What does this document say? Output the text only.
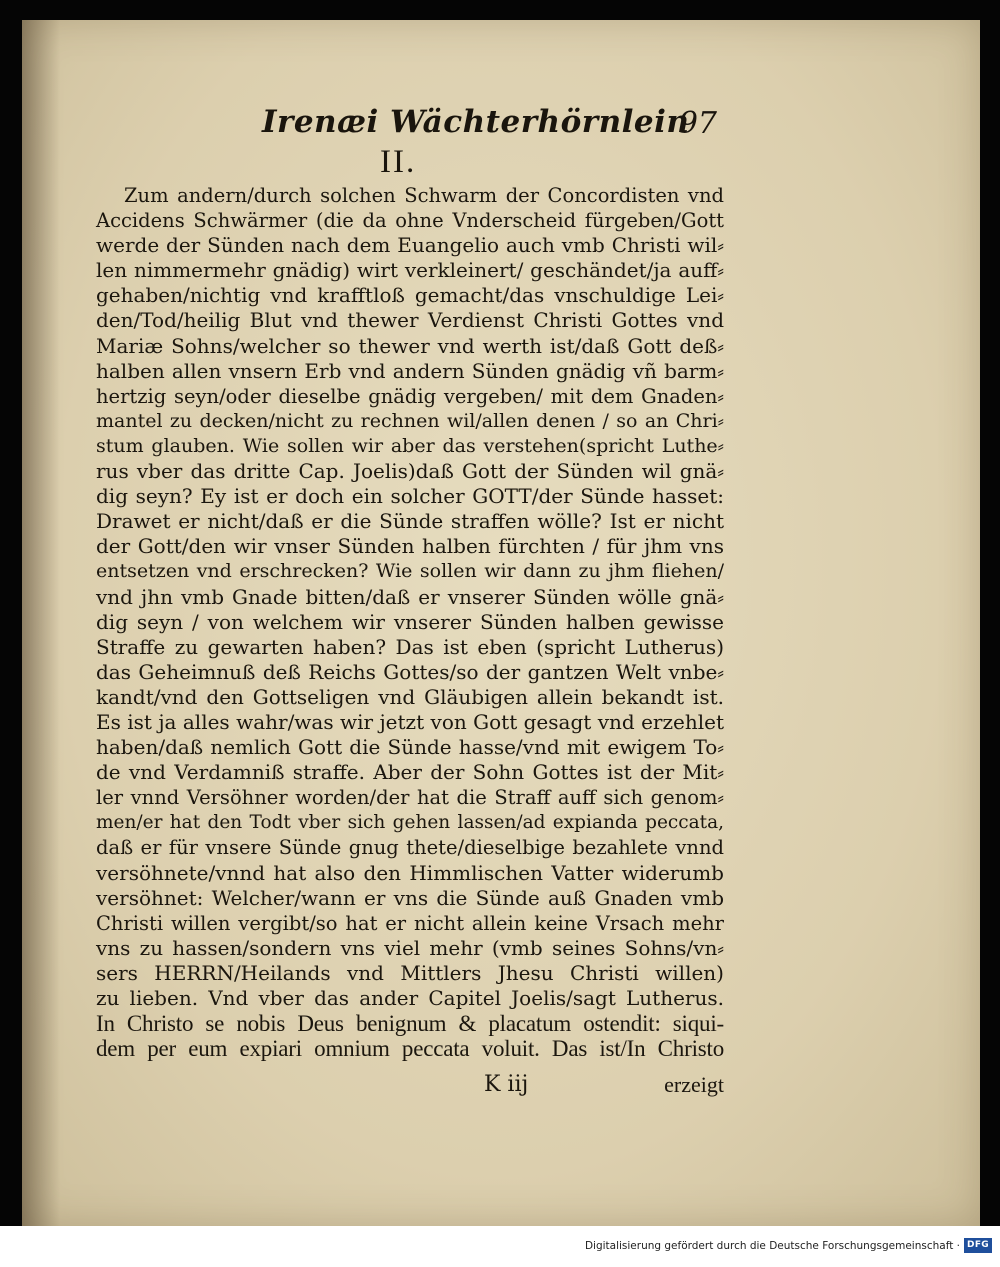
Irenæi Wächterhörnlein
97
II.
Zum andern/durch solchen Schwarm der Concordisten vnd
Accidens Schwärmer (die da ohne Vnderscheid fürgeben/Gott
werde der Sünden nach dem Euangelio auch vmb Christi wil⸗
len nimmermehr gnädig) wirt verkleinert/ geschändet/ja auff⸗
gehaben/nichtig vnd krafftloß gemacht/das vnschuldige Lei⸗
den/Tod/heilig Blut vnd thewer Verdienst Christi Gottes vnd
Mariæ Sohns/welcher so thewer vnd werth ist/daß Gott deß⸗
halben allen vnsern Erb vnd andern Sünden gnädig vñ barm⸗
hertzig seyn/oder dieselbe gnädig vergeben/ mit dem Gnaden⸗
mantel zu decken/nicht zu rechnen wil/allen denen / so an Chri⸗
stum glauben. Wie sollen wir aber das verstehen(spricht Luthe⸗
rus vber das dritte Cap. Joelis)daß Gott der Sünden wil gnä⸗
dig seyn? Ey ist er doch ein solcher GOTT/der Sünde hasset:
Drawet er nicht/daß er die Sünde straffen wölle? Ist er nicht
der Gott/den wir vnser Sünden halben fürchten / für jhm vns
entsetzen vnd erschrecken? Wie sollen wir dann zu jhm fliehen/
vnd jhn vmb Gnade bitten/daß er vnserer Sünden wölle gnä⸗
dig seyn / von welchem wir vnserer Sünden halben gewisse
Straffe zu gewarten haben? Das ist eben (spricht Lutherus)
das Geheimnuß deß Reichs Gottes/so der gantzen Welt vnbe⸗
kandt/vnd den Gottseligen vnd Gläubigen allein bekandt ist.
Es ist ja alles wahr/was wir jetzt von Gott gesagt vnd erzehlet
haben/daß nemlich Gott die Sünde hasse/vnd mit ewigem To⸗
de vnd Verdamniß straffe. Aber der Sohn Gottes ist der Mit⸗
ler vnnd Versöhner worden/der hat die Straff auff sich genom⸗
men/er hat den Todt vber sich gehen lassen/ad expianda peccata,
daß er für vnsere Sünde gnug thete/dieselbige bezahlete vnnd
versöhnete/vnnd hat also den Himmlischen Vatter widerumb
versöhnet: Welcher/wann er vns die Sünde auß Gnaden vmb
Christi willen vergibt/so hat er nicht allein keine Vrsach mehr
vns zu hassen/sondern vns viel mehr (vmb seines Sohns/vn⸗
sers HERRN/Heilands vnd Mittlers Jhesu Christi willen)
zu lieben. Vnd vber das ander Capitel Joelis/sagt Lutherus.
In Christo se nobis Deus benignum & placatum ostendit: siqui-
dem per eum expiari omnium peccata voluit. Das ist/In Christo
K iij	erzeigt
Digitalisierung gefördert durch die Deutsche Forschungsgemeinschaft · DFG
